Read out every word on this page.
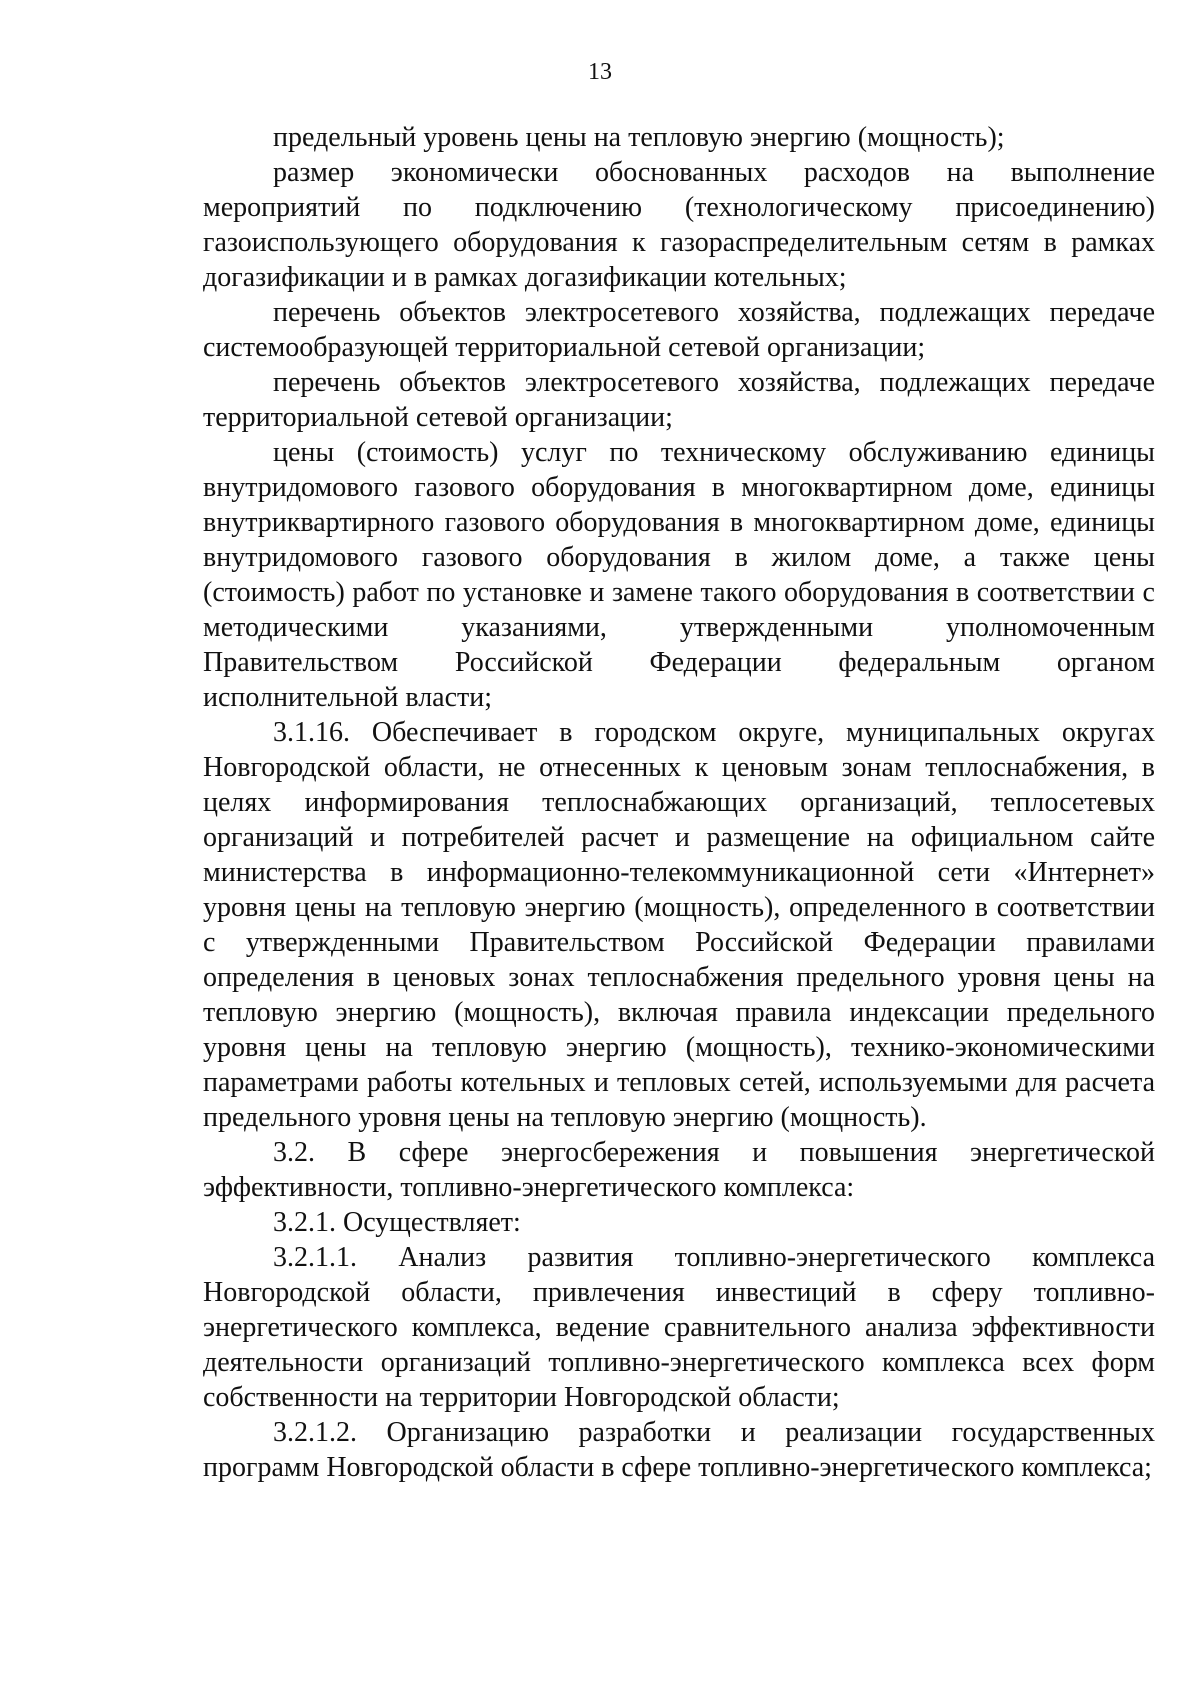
13

предельный уровень цены на тепловую энергию (мощность);

размер экономически обоснованных расходов на выполнение мероприятий по подключению (технологическому присоединению) газоиспользующего оборудования к газораспределительным сетям в рамках догазификации и в рамках догазификации котельных;

перечень объектов электросетевого хозяйства, подлежащих передаче системообразующей территориальной сетевой организации;

перечень объектов электросетевого хозяйства, подлежащих передаче территориальной сетевой организации;

цены (стоимость) услуг по техническому обслуживанию единицы внутридомового газового оборудования в многоквартирном доме, единицы внутриквартирного газового оборудования в многоквартирном доме, единицы внутридомового газового оборудования в жилом доме, а также цены (стоимость) работ по установке и замене такого оборудования в соответствии с методическими указаниями, утвержденными уполномоченным Правительством Российской Федерации федеральным органом исполнительной власти;

3.1.16. Обеспечивает в городском округе, муниципальных округах Новгородской области, не отнесенных к ценовым зонам теплоснабжения, в целях информирования теплоснабжающих организаций, теплосетевых организаций и потребителей расчет и размещение на официальном сайте министерства в информационно-телекоммуникационной сети «Интернет» уровня цены на тепловую энергию (мощность), определенного в соответствии с утвержденными Правительством Российской Федерации правилами определения в ценовых зонах теплоснабжения предельного уровня цены на тепловую энергию (мощность), включая правила индексации предельного уровня цены на тепловую энергию (мощность), технико-экономическими параметрами работы котельных и тепловых сетей, используемыми для расчета предельного уровня цены на тепловую энергию (мощность).

3.2. В сфере энергосбережения и повышения энергетической эффективности, топливно-энергетического комплекса:

3.2.1. Осуществляет:

3.2.1.1. Анализ развития топливно-энергетического комплекса Новгородской области, привлечения инвестиций в сферу топливно-энергетического комплекса, ведение сравнительного анализа эффективности деятельности организаций топливно-энергетического комплекса всех форм собственности на территории Новгородской области;

3.2.1.2. Организацию разработки и реализации государственных программ Новгородской области в сфере топливно-энергетического комплекса;
